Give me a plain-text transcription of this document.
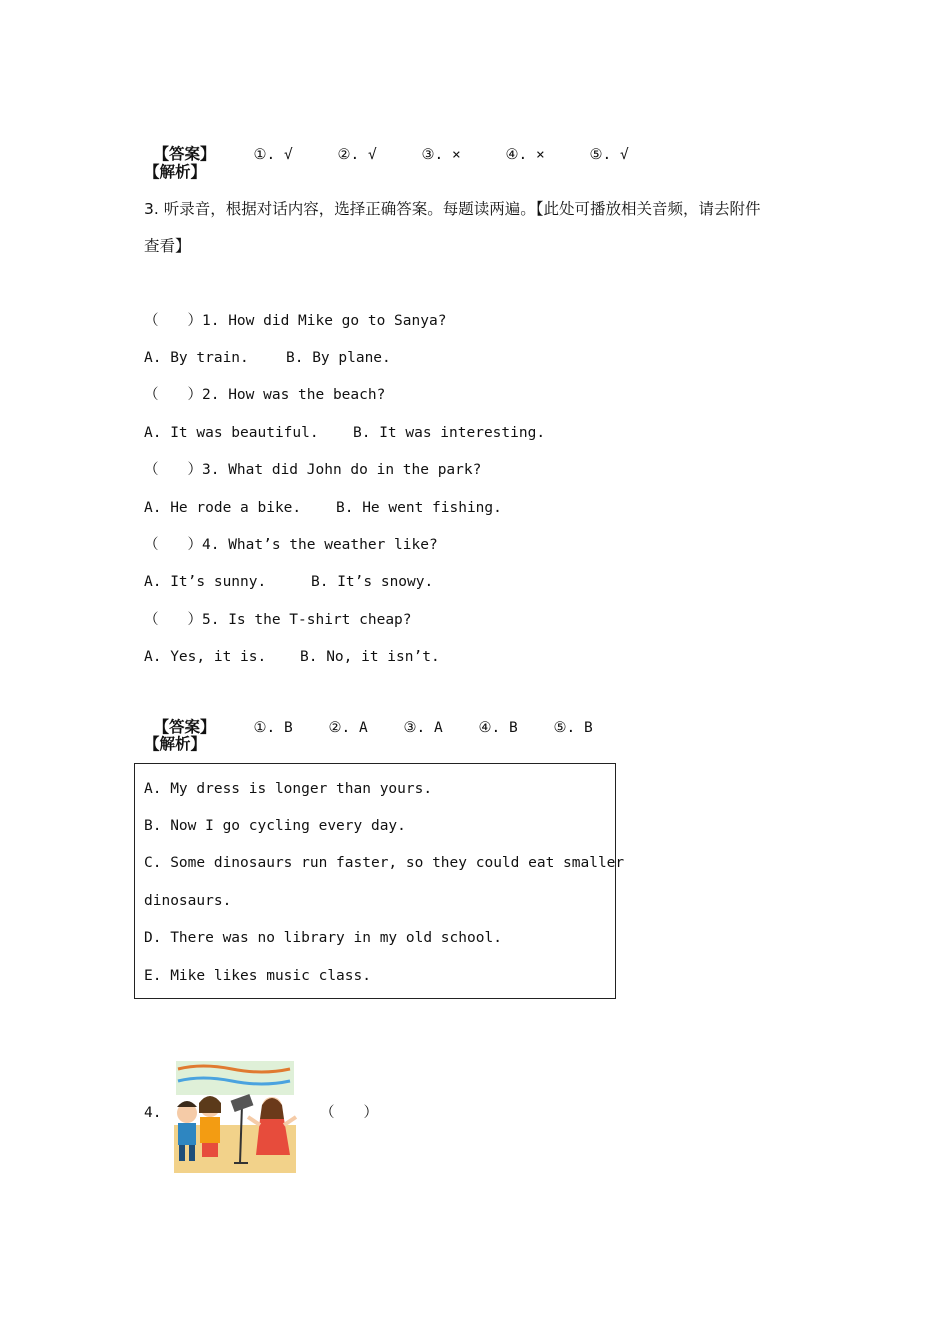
【答案】	①. √	②. √	③. ×	④. ×	⑤. √

【解析】
3. 听录音，根据对话内容，选择正确答案。每题读两遍。【此处可播放相关音频，请去附件
查看】
（　　）1. How did Mike go to Sanya?
A. By train.	B. By plane.
（　　）2. How was the beach?
A. It was beautiful. B. It was interesting.
（　　）3. What did John do in the park?
A. He rode a bike. B. He went fishing.
（　　）4. What’s the weather like?
A. It’s sunny.	B. It’s snowy.
（　　）5. Is the T-shirt cheap?
A. Yes, it is. B. No, it isn’t.

【答案】	①. B ②. A ③. A ④. B ⑤. B

【解析】
A. My dress is longer than yours.
B. Now I go cycling every day.
C. Some dinosaurs run faster, so they could eat smaller
dinosaurs.
D. There was no library in my old school.
E. Mike likes music class.
4.	（　　）
